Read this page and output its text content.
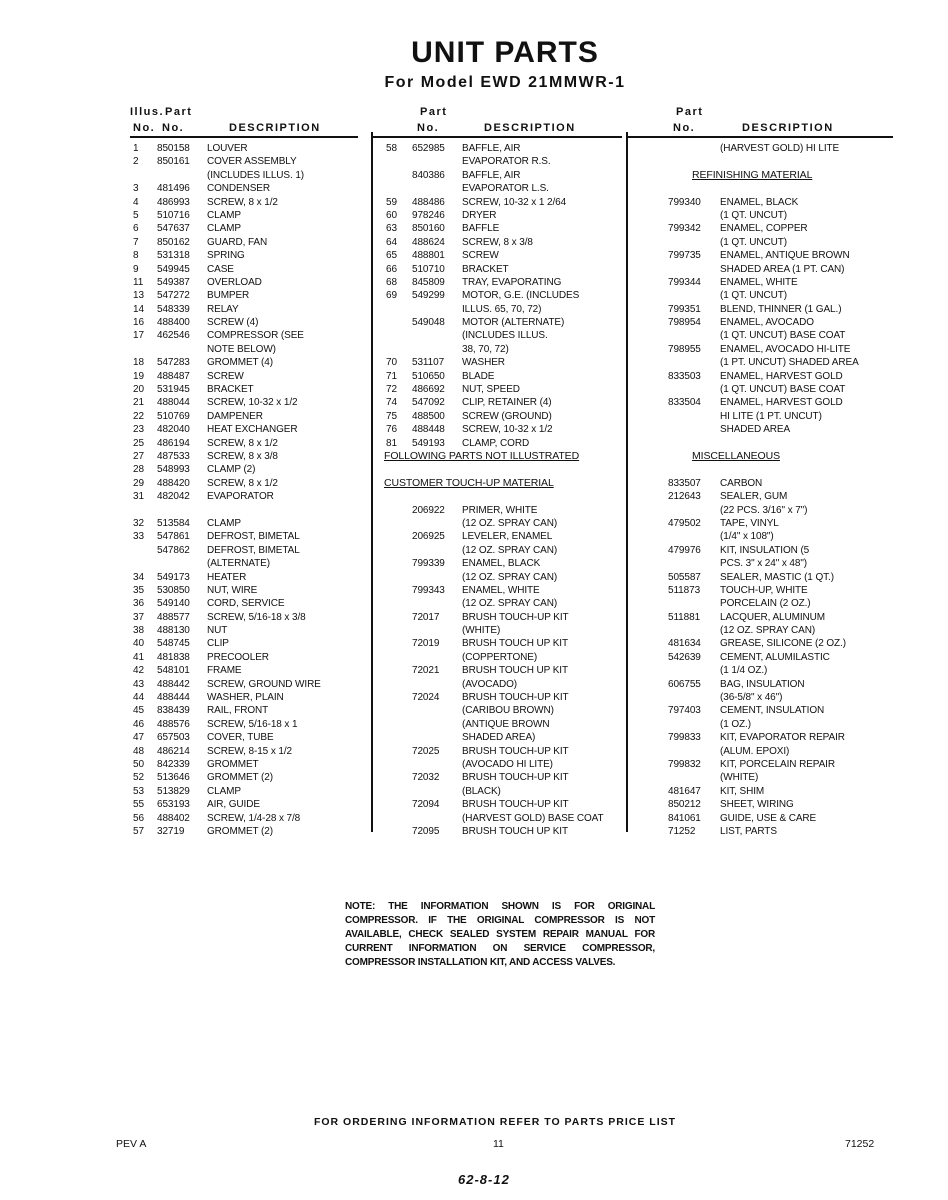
UNIT PARTS
For Model EWD 21MMWR-1
Illus. Part
No. No.	DESCRIPTION
1 850158 LOUVER
2 850161 COVER ASSEMBLY
(INCLUDES ILLUS. 1)
3 481496 CONDENSER
4 486993 SCREW, 8 x 1/2
5 510716 CLAMP
6 547637 CLAMP
7 850162 GUARD, FAN
8 531318 SPRING
9 549945 CASE
11 549387 OVERLOAD
13 547272 BUMPER
14 548339 RELAY
16 488400 SCREW (4)
17 462546 COMPRESSOR (SEE
NOTE BELOW)
18 547283 GROMMET (4)
19 488487 SCREW
20 531945 BRACKET
21 488044 SCREW, 10-32 x 1/2
22 510769 DAMPENER
23 482040 HEAT EXCHANGER
25 486194 SCREW, 8 x 1/2
27 487533 SCREW, 8 x 3/8
28 548993 CLAMP (2)
29 488420 SCREW, 8 x 1/2
31 482042 EVAPORATOR
32 513584 CLAMP
33 547861 DEFROST, BIMETAL
547862 DEFROST, BIMETAL
(ALTERNATE)
34 549173 HEATER
35 530850 NUT, WIRE
36 549140 CORD, SERVICE
37 488577 SCREW, 5/16-18 x 3/8
38 488130 NUT
40 548745 CLIP
41 481838 PRECOOLER
42 548101 FRAME
43 488442 SCREW, GROUND WIRE
44 488444 WASHER, PLAIN
45 838439 RAIL, FRONT
46 488576 SCREW, 5/16-18 x 1
47 657503 COVER, TUBE
48 486214 SCREW, 8-15 x 1/2
50 842339 GROMMET
52 513646 GROMMET (2)
53 513829 CLAMP
55 653193 AIR, GUIDE
56 488402 SCREW, 1/4-28 x 7/8
57 32719 GROMMET (2)
Part
No.	DESCRIPTION
58 652985 BAFFLE, AIR
EVAPORATOR R.S.
840386 BAFFLE, AIR
EVAPORATOR L.S.
59 488486 SCREW, 10-32 x 1 2/64
60 978246 DRYER
63 850160 BAFFLE
64 488624 SCREW, 8 x 3/8
65 488801 SCREW
66 510710 BRACKET
68 845809 TRAY, EVAPORATING
69 549299 MOTOR, G.E. (INCLUDES
ILLUS. 65, 70, 72)
549048 MOTOR (ALTERNATE)
(INCLUDES ILLUS.
38, 70, 72)
70 531107 WASHER
71 510650 BLADE
72 486692 NUT, SPEED
74 547092 CLIP, RETAINER (4)
75 488500 SCREW (GROUND)
76 488448 SCREW, 10-32 x 1/2
81 549193 CLAMP, CORD
FOLLOWING PARTS NOT ILLUSTRATED
CUSTOMER TOUCH-UP MATERIAL
206922 PRIMER, WHITE
(12 OZ. SPRAY CAN)
206925 LEVELER, ENAMEL
(12 OZ. SPRAY CAN)
799339 ENAMEL, BLACK
(12 OZ. SPRAY CAN)
799343 ENAMEL, WHITE
(12 OZ. SPRAY CAN)
72017 BRUSH TOUCH-UP KIT
(WHITE)
72019 BRUSH TOUCH UP KIT
(COPPERTONE)
72021 BRUSH TOUCH UP KIT
(AVOCADO)
72024 BRUSH TOUCH-UP KIT
(CARIBOU BROWN)
(ANTIQUE BROWN
SHADED AREA)
72025 BRUSH TOUCH-UP KIT
(AVOCADO HI LITE)
72032 BRUSH TOUCH-UP KIT
(BLACK)
72094 BRUSH TOUCH-UP KIT
(HARVEST GOLD) BASE COAT
72095 BRUSH TOUCH UP KIT
Part
No.	DESCRIPTION
(HARVEST GOLD) HI LITE
REFINISHING MATERIAL
799340 ENAMEL, BLACK
(1 QT. UNCUT)
799342 ENAMEL, COPPER
(1 QT. UNCUT)
799735 ENAMEL, ANTIQUE BROWN
SHADED AREA (1 PT. CAN)
799344 ENAMEL, WHITE
(1 QT. UNCUT)
799351 BLEND, THINNER (1 GAL.)
798954 ENAMEL, AVOCADO
(1 QT. UNCUT) BASE COAT
798955 ENAMEL, AVOCADO HI-LITE
(1 PT. UNCUT) SHADED AREA
833503 ENAMEL, HARVEST GOLD
(1 QT. UNCUT) BASE COAT
833504 ENAMEL, HARVEST GOLD
HI LITE (1 PT. UNCUT)
SHADED AREA
MISCELLANEOUS
833507 CARBON
212643 SEALER, GUM
(22 PCS. 3/16" x 7")
479502 TAPE, VINYL
(1/4" x 108")
479976 KIT, INSULATION (5
PCS. 3" x 24" x 48")
505587 SEALER, MASTIC (1 QT.)
511873 TOUCH-UP, WHITE
PORCELAIN (2 OZ.)
511881 LACQUER, ALUMINUM
(12 OZ. SPRAY CAN)
481634 GREASE, SILICONE (2 OZ.)
542639 CEMENT, ALUMILASTIC
(1 1/4 OZ.)
606755 BAG, INSULATION
(36-5/8" x 46")
797403 CEMENT, INSULATION
(1 OZ.)
799833 KIT, EVAPORATOR REPAIR
(ALUM. EPOXI)
799832 KIT, PORCELAIN REPAIR
(WHITE)
481647 KIT, SHIM
850212 SHEET, WIRING
841061 GUIDE, USE & CARE
71252 LIST, PARTS
NOTE: THE INFORMATION SHOWN IS FOR ORIGINAL COMPRESSOR. IF THE ORIGINAL COMPRESSOR IS NOT AVAILABLE, CHECK SEALED SYSTEM REPAIR MANUAL FOR CURRENT INFORMATION ON SERVICE COMPRESSOR, COMPRESSOR INSTALLATION KIT, AND ACCESS VALVES.
FOR ORDERING INFORMATION REFER TO PARTS PRICE LIST
PEV A	11	71252
62-8-12
